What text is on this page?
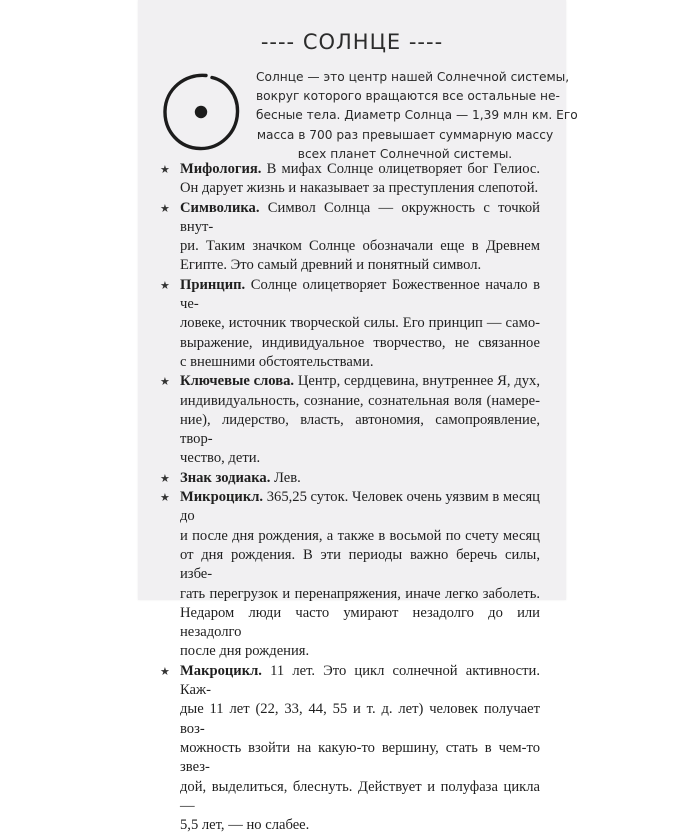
---- СОЛНЦЕ ----
Солнце — это центр нашей Солнечной системы,
вокруг которого вращаются все остальные не-
бесные тела. Диаметр Солнца — 1,39 млн км. Его
масса в 700 раз превышает суммарную массу
всех планет Солнечной системы.
★ Мифология. В мифах Солнце олицетворяет бог Гелиос.
Он дарует жизнь и наказывает за преступления слепотой.
★ Символика. Символ Солнца — окружность с точкой внут-
ри. Таким значком Солнце обозначали еще в Древнем
Египте. Это самый древний и понятный символ.
★ Принцип. Солнце олицетворяет Божественное начало в че-
ловеке, источник творческой силы. Его принцип — само-
выражение, индивидуальное творчество, не связанное
с внешними обстоятельствами.
★ Ключевые слова. Центр, сердцевина, внутреннее Я, дух,
индивидуальность, сознание, сознательная воля (намере-
ние), лидерство, власть, автономия, самопроявление, твор-
чество, дети.
★ Знак зодиака. Лев.
★ Микроцикл. 365,25 суток. Человек очень уязвим в месяц до
и после дня рождения, а также в восьмой по счету месяц
от дня рождения. В эти периоды важно беречь силы, избе-
гать перегрузок и перенапряжения, иначе легко заболеть.
Недаром люди часто умирают незадолго до или незадолго
после дня рождения.
★ Макроцикл. 11 лет. Это цикл солнечной активности. Каж-
дые 11 лет (22, 33, 44, 55 и т. д. лет) человек получает воз-
можность взойти на какую-то вершину, стать в чем-то звез-
дой, выделиться, блеснуть. Действует и полуфаза цикла —
5,5 лет, — но слабее.
